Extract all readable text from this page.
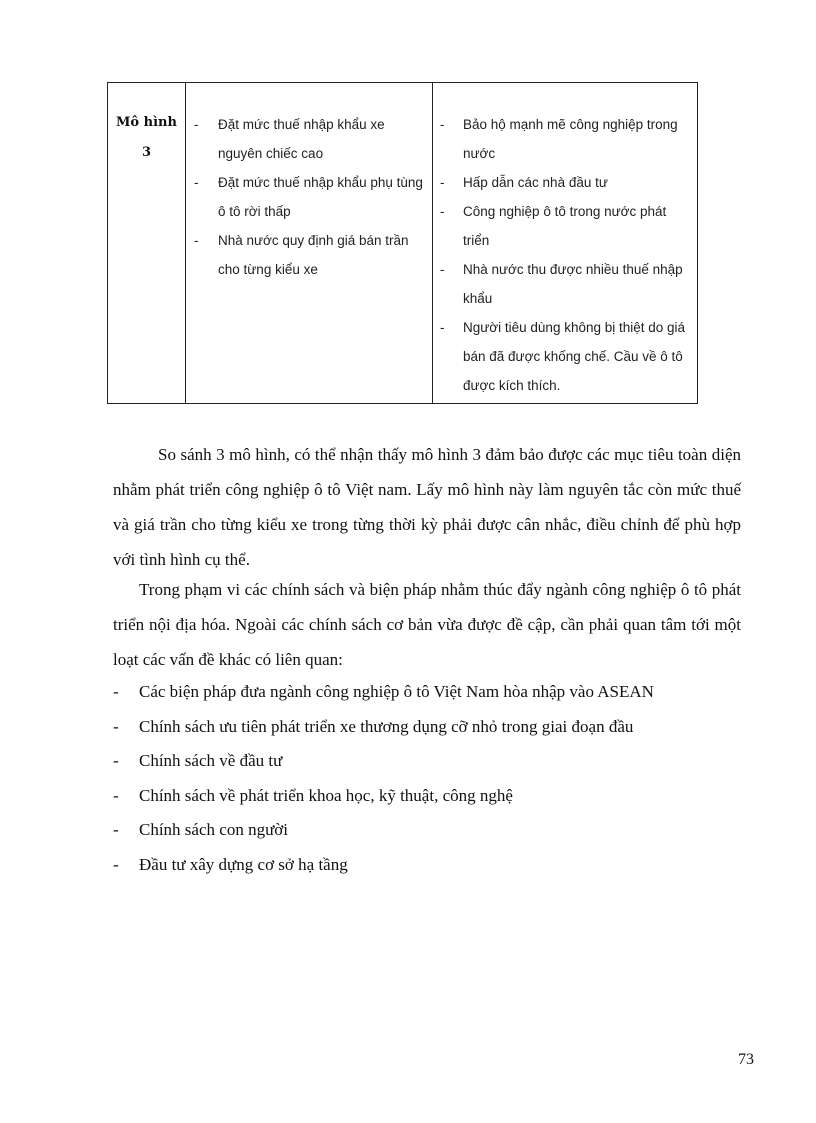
Mô hình
3
- Đặt mức thuế nhập khẩu xe nguyên chiếc cao
- Đặt mức thuế nhập khẩu phụ tùng ô tô rời thấp
- Nhà nước quy định giá bán trần cho từng kiểu xe
- Bảo hộ mạnh mẽ công nghiệp trong nước
- Hấp dẫn các nhà đầu tư
- Công nghiệp ô tô trong nước phát triển
- Nhà nước thu được nhiều thuế nhập khẩu
- Người tiêu dùng không bị thiệt do giá bán đã được khống chế. Cầu về ô tô được kích thích.

So sánh 3 mô hình, có thể nhận thấy mô hình 3 đảm bảo được các mục tiêu toàn diện nhằm phát triển công nghiệp ô tô Việt nam. Lấy mô hình này làm nguyên tắc còn mức thuế và giá trần cho từng kiểu xe trong từng thời kỳ phải được cân nhắc, điều chỉnh để phù hợp với tình hình cụ thể.

Trong phạm vi các chính sách và biện pháp nhằm thúc đẩy ngành công nghiệp ô tô phát triển nội địa hóa. Ngoài các chính sách cơ bản vừa được đề cập, cần phải quan tâm tới một loạt các vấn đề khác có liên quan:

- Các biện pháp đưa ngành công nghiệp ô tô Việt Nam hòa nhập vào ASEAN
- Chính sách ưu tiên phát triển xe thương dụng cỡ nhỏ trong giai đoạn đầu
- Chính sách về đầu tư
- Chính sách về phát triển khoa học, kỹ thuật, công nghệ
- Chính sách con người
- Đầu tư xây dựng cơ sở hạ tầng
73
